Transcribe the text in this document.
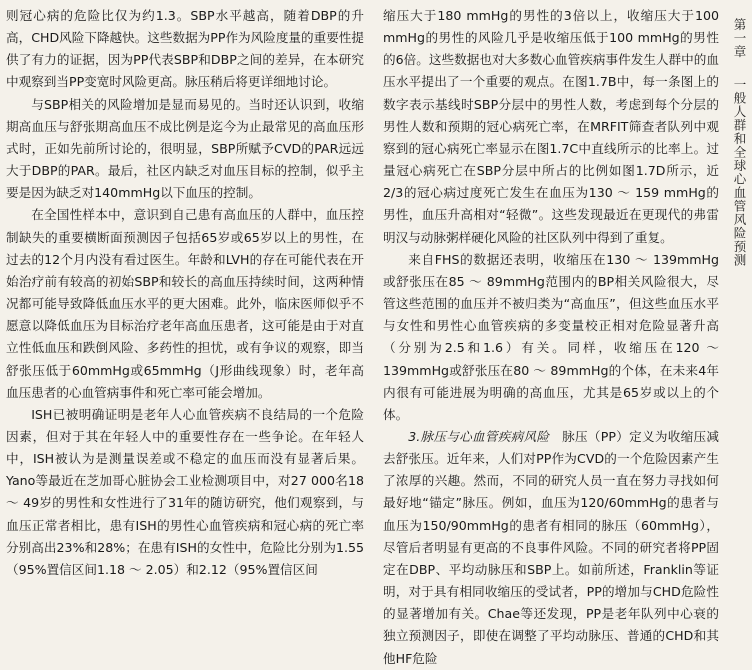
则冠心病的危险比仅为约1.3。SBP水平越高，随着DBP的升高，CHD风险下降越快。这些数据为PP作为风险度量的重要性提供了有力的证据，因为PP代表SBP和DBP之间的差异，在本研究中观察到当PP变宽时风险更高。脉压稍后将更详细地讨论。

与SBP相关的风险增加是显而易见的。当时还认识到，收缩期高血压与舒张期高血压不成比例是迄今为止最常见的高血压形式时，正如先前所讨论的，很明显，SBP所赋予CVD的PAR远远大于DBP的PAR。最后，社区内缺乏对血压目标的控制，似乎主要是因为缺乏对140mmHg以下血压的控制。

在全国性样本中，意识到自己患有高血压的人群中，血压控制缺失的重要横断面预测因子包括65岁或65岁以上的男性，在过去的12个月内没有看过医生。年龄和LVH的存在可能代表在开始治疗前有较高的初始SBP和较长的高血压持续时间，这两种情况都可能导致降低血压水平的更大困难。此外，临床医师似乎不愿意以降低血压为目标治疗老年高血压患者，这可能是由于对直立性低血压和跌倒风险、多药性的担忧，或有争议的观察，即当舒张压低于60mmHg或65mmHg（J形曲线现象）时，老年高血压患者的心血管病事件和死亡率可能会增加。

ISH已被明确证明是老年人心血管疾病不良结局的一个危险因素，但对于其在年轻人中的重要性存在一些争论。在年轻人中，ISH被认为是测量误差或不稳定的血压而没有显著后果。Yano等最近在芝加哥心脏协会工业检测项目中，对27 000名18 ～ 49岁的男性和女性进行了31年的随访研究，他们观察到，与血压正常者相比，患有ISH的男性心血管疾病和冠心病的死亡率分别高出23%和28%；在患有ISH的女性中，危险比分别为1.55（95%置信区间1.18 ～ 2.05）和2.12（95%置信区间

缩压大于180 mmHg的男性的3倍以上，收缩压大于100 mmHg的男性的风险几乎是收缩压低于100 mmHg的男性的6倍。这些数据也对大多数心血管疾病事件发生人群中的血压水平提出了一个重要的观点。在图1.7B中，每一条图上的数字表示基线时SBP分层中的男性人数，考虑到每个分层的男性人数和预期的冠心病死亡率，在MRFIT筛查者队列中观察到的冠心病死亡率显示在图1.7C中直线所示的比率上。过量冠心病死亡在SBP分层中所占的比例如图1.7D所示，近2/3的冠心病过度死亡发生在血压为130 ～ 159 mmHg的男性，血压升高相对“轻微”。这些发现最近在更现代的弗雷明汉与动脉粥样硬化风险的社区队列中得到了重复。

来自FHS的数据还表明，收缩压在130 ～ 139mmHg或舒张压在85 ～ 89mmHg范围内的BP相关风险很大，尽管这些范围的血压并不被归类为“高血压”，但这些血压水平与女性和男性心血管疾病的多变量校正相对危险显著升高（分别为2.5和1.6）有关。同样，收缩压在120 ～ 139mmHg或舒张压在80 ～ 89mmHg的个体，在未来4年内很有可能进展为明确的高血压，尤其是65岁或以上的个体。

3.脉压与心血管疾病风险　脉压（PP）定义为收缩压减去舒张压。近年来，人们对PP作为CVD的一个危险因素产生了浓厚的兴趣。然而，不同的研究人员一直在努力寻找如何最好地“锚定”脉压。例如，血压为120/60mmHg的患者与血压为150/90mmHg的患者有相同的脉压（60mmHg），尽管后者明显有更高的不良事件风险。不同的研究者将PP固定在DBP、平均动脉压和SBP上。如前所述，Franklin等证明，对于具有相同收缩压的受试者，PP的增加与CHD危险性的显著增加有关。Chae等还发现，PP是老年队列中心衰的独立预测因子，即使在调整了平均动脉压、普通的CHD和其他HF危险

第一章  一般人群和全球心血管风险预测
